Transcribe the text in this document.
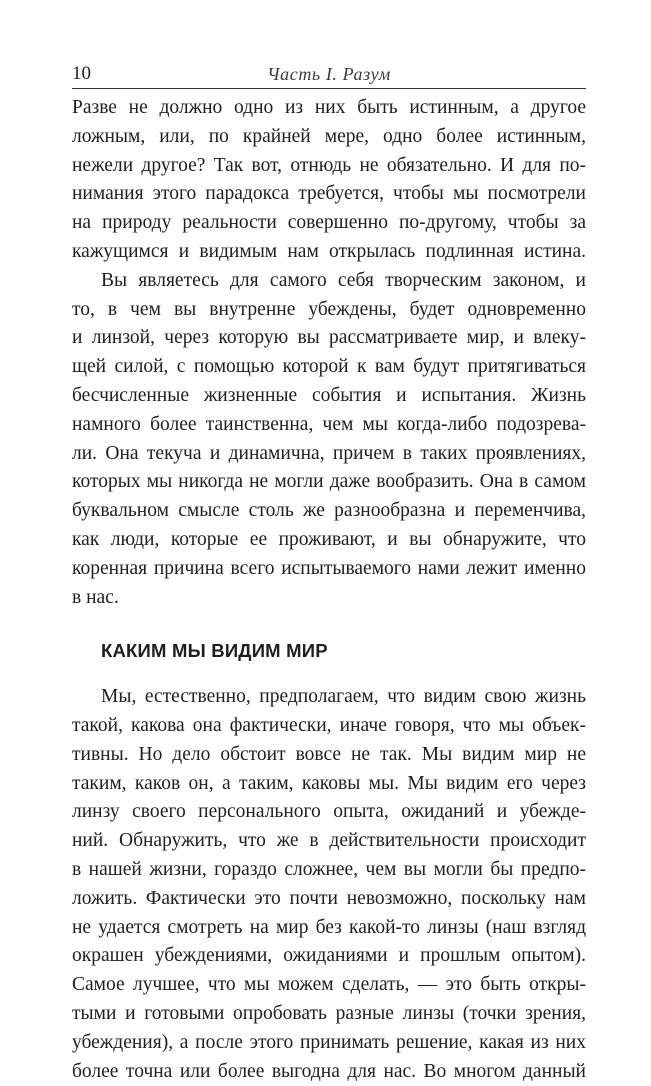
10	Часть I. Разум

Разве не должно одно из них быть истинным, а другое
ложным, или, по крайней мере, одно более истинным,
нежели другое? Так вот, отнюдь не обязательно. И для по-
нимания этого парадокса требуется, чтобы мы посмотрели
на природу реальности совершенно по-другому, чтобы за
кажущимся и видимым нам открылась подлинная истина.

Вы являетесь для самого себя творческим законом, и
то, в чем вы внутренне убеждены, будет одновременно
и линзой, через которую вы рассматриваете мир, и влеку-
щей силой, с помощью которой к вам будут притягиваться
бесчисленные жизненные события и испытания. Жизнь
намного более таинственна, чем мы когда-либо подозрева-
ли. Она текуча и динамична, причем в таких проявлениях,
которых мы никогда не могли даже вообразить. Она в самом
буквальном смысле столь же разнообразна и переменчива,
как люди, которые ее проживают, и вы обнаружите, что
коренная причина всего испытываемого нами лежит именно
в нас.

КАКИМ МЫ ВИДИМ МИР

Мы, естественно, предполагаем, что видим свою жизнь
такой, какова она фактически, иначе говоря, что мы объек-
тивны. Но дело обстоит вовсе не так. Мы видим мир не
таким, каков он, а таким, каковы мы. Мы видим его через
линзу своего персонального опыта, ожиданий и убежде-
ний. Обнаружить, что же в действительности происходит
в нашей жизни, гораздо сложнее, чем вы могли бы предпо-
ложить. Фактически это почти невозможно, поскольку нам
не удается смотреть на мир без какой-то линзы (наш взгляд
окрашен убеждениями, ожиданиями и прошлым опытом).
Самое лучшее, что мы можем сделать, — это быть откры-
тыми и готовыми опробовать разные линзы (точки зрения,
убеждения), а после этого принимать решение, какая из них
более точна или более выгодна для нас. Во многом данный
